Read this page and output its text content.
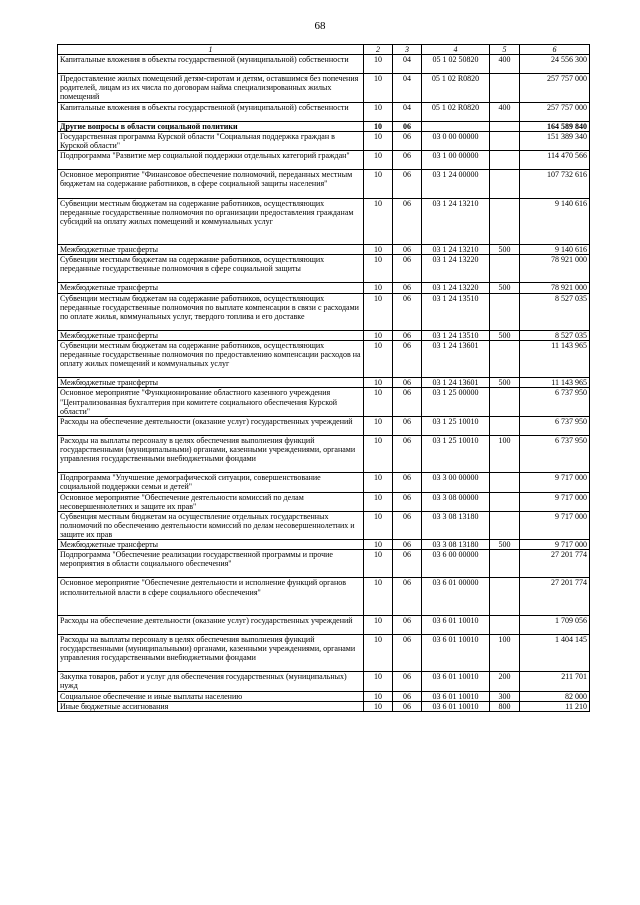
68
1	2	3	4	5	6
Капитальные вложения в объекты государственной (муниципальной) собственности	10	04	05 1 02 50820	400	24 556 300
Предоставление жилых помещений детям-сиротам и детям, оставшимся без попечения родителей, лицам из их числа по договорам найма специализированных жилых помещений	10	04	05 1 02 R0820		257 757 000
Капитальные вложения в объекты государственной (муниципальной) собственности	10	04	05 1 02 R0820	400	257 757 000
Другие вопросы в области социальной политики	10	06			164 589 840
Государственная программа Курской области "Социальная поддержка граждан в Курской области"	10	06	03 0 00 00000		151 389 340
Подпрограмма "Развитие мер социальной поддержки отдельных категорий граждан"	10	06	03 1 00 00000		114 470 566
Основное мероприятие "Финансовое обеспечение полномочий, переданных местным бюджетам на содержание работников, в сфере социальной защиты населения"	10	06	03 1 24 00000		107 732 616
Субвенции местным бюджетам на содержание работников, осуществляющих переданные государственные полномочия по организации предоставления гражданам субсидий на оплату жилых помещений и коммунальных услуг	10	06	03 1 24 13210		9 140 616
Межбюджетные трансферты	10	06	03 1 24 13210	500	9 140 616
Субвенции местным бюджетам на содержание работников, осуществляющих переданные государственные полномочия в сфере социальной защиты	10	06	03 1 24 13220		78 921 000
Межбюджетные трансферты	10	06	03 1 24 13220	500	78 921 000
Субвенции местным бюджетам на содержание работников, осуществляющих переданные государственные полномочия по выплате компенсации в связи с расходами по оплате жилья, коммунальных услуг, твердого топлива и его доставке	10	06	03 1 24 13510		8 527 035
Межбюджетные трансферты	10	06	03 1 24 13510	500	8 527 035
Субвенции местным бюджетам на содержание работников, осуществляющих переданные государственные полномочия по предоставлению компенсации расходов на оплату жилых помещений и коммунальных услуг	10	06	03 1 24 13601		11 143 965
Межбюджетные трансферты	10	06	03 1 24 13601	500	11 143 965
Основное мероприятие "Функционирование областного казенного учреждения "Централизованная бухгалтерия при комитете социального обеспечения Курской области"	10	06	03 1 25 00000		6 737 950
Расходы на обеспечение деятельности (оказание услуг) государственных учреждений	10	06	03 1 25 10010		6 737 950
Расходы на выплаты персоналу в целях обеспечения выполнения функций государственными (муниципальными) органами, казенными учреждениями, органами управления государственными внебюджетными фондами	10	06	03 1 25 10010	100	6 737 950
Подпрограмма "Улучшение демографической ситуации, совершенствование социальной поддержки семьи и детей"	10	06	03 3 00 00000		9 717 000
Основное мероприятие "Обеспечение деятельности комиссий по делам несовершеннолетних и защите их прав"	10	06	03 3 08 00000		9 717 000
Субвенция местным бюджетам на осуществление отдельных государственных полномочий по обеспечению деятельности комиссий по делам несовершеннолетних и защите их прав	10	06	03 3 08 13180		9 717 000
Межбюджетные трансферты	10	06	03 3 08 13180	500	9 717 000
Подпрограмма "Обеспечение реализации государственной программы и прочие мероприятия в области социального обеспечения"	10	06	03 6 00 00000		27 201 774
Основное мероприятие "Обеспечение деятельности и исполнение функций органов исполнительной власти в сфере социального обеспечения"	10	06	03 6 01 00000		27 201 774
Расходы на обеспечение деятельности (оказание услуг) государственных учреждений	10	06	03 6 01 10010		1 709 056
Расходы на выплаты персоналу в целях обеспечения выполнения функций государственными (муниципальными) органами, казенными учреждениями, органами управления государственными внебюджетными фондами	10	06	03 6 01 10010	100	1 404 145
Закупка товаров, работ и услуг для обеспечения государственных (муниципальных) нужд	10	06	03 6 01 10010	200	211 701
Социальное обеспечение и иные выплаты населению	10	06	03 6 01 10010	300	82 000
Иные бюджетные ассигнования	10	06	03 6 01 10010	800	11 210
